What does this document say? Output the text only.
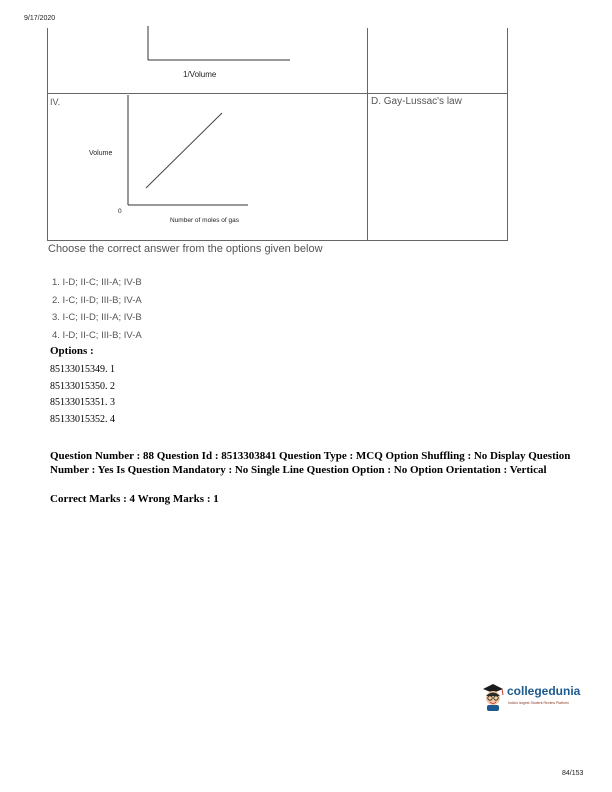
9/17/2020
1/Volume
IV.	D. Gay-Lussac's law
Volume
0
Number of moles of gas
Choose the correct answer from the options given below
1. I-D; II-C; III-A; IV-B
2. I-C; II-D; III-B; IV-A
3. I-C; II-D; III-A; IV-B
4. I-D; II-C; III-B; IV-A
Options :
85133015349. 1
85133015350. 2
85133015351. 3
85133015352. 4
Question Number : 88 Question Id : 8513303841 Question Type : MCQ Option Shuffling : No Display Question Number : Yes Is Question Mandatory : No Single Line Question Option : No Option Orientation : Vertical
Correct Marks : 4 Wrong Marks : 1
collegedunia
India's largest Student Review Platform
84/153
